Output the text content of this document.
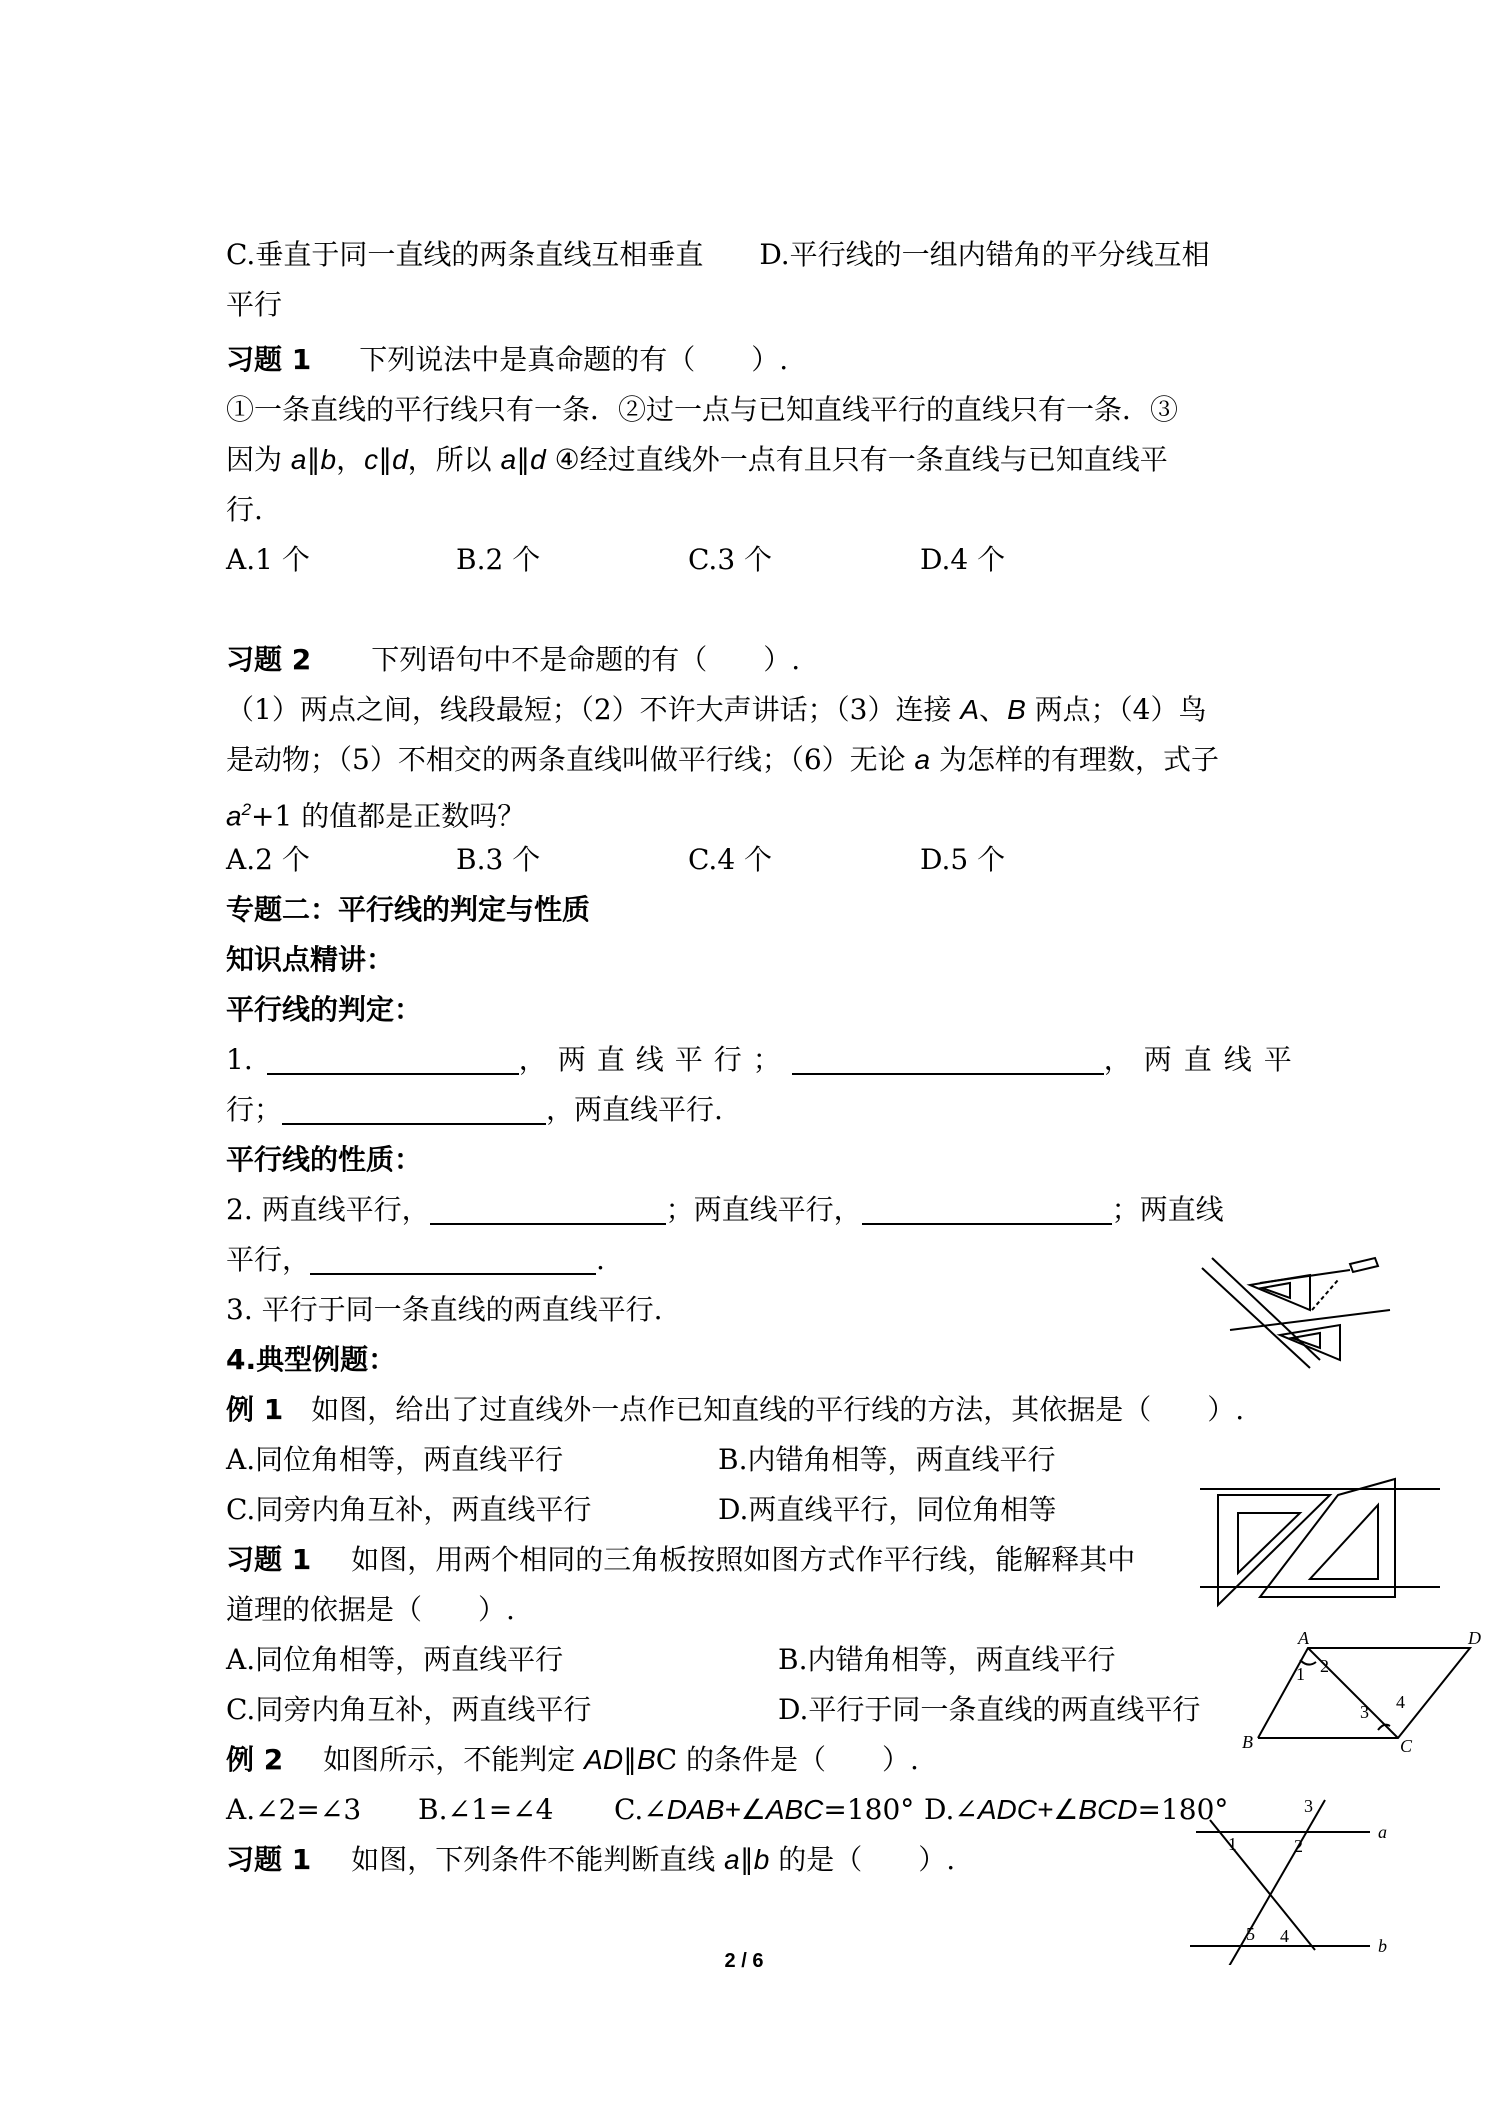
C.垂直于同一直线的两条直线互相垂直　　D.平行线的一组内错角的平分线互相
平行
习题 1 下列说法中是真命题的有（　　）.
①一条直线的平行线只有一条．②过一点与已知直线平行的直线只有一条．③
因为 a∥b，c∥d，所以 a∥d ④经过直线外一点有且只有一条直线与已知直线平
行.
A.1 个	B.2 个	C.3 个	D.4 个
习题 2 下列语句中不是命题的有（　　）.
（1）两点之间，线段最短；（2）不许大声讲话；（3）连接 A、B 两点；（4）鸟
是动物；（5）不相交的两条直线叫做平行线；（6）无论 a 为怎样的有理数，式子
$a^2+1$ 的值都是正数吗？
A.2 个	B.3 个	C.4 个	D.5 个
专题二：平行线的判定与性质
知识点精讲：
平行线的判定：
1.	，两直线平行；	，两直线平
行；	，两直线平行.
平行线的性质：
2. 两直线平行，	；两直线平行，	；两直线
平行，	.
3. 平行于同一条直线的两直线平行.
4.典型例题：
例 1 如图，给出了过直线外一点作已知直线的平行线的方法，其依据是（　　）.
A.同位角相等，两直线平行	B.内错角相等，两直线平行
C.同旁内角互补，两直线平行	D.两直线平行，同位角相等
习题 1 如图，用两个相同的三角板按照如图方式作平行线，能解释其中
道理的依据是（　　）.
A.同位角相等，两直线平行	B.内错角相等，两直线平行
C.同旁内角互补，两直线平行	D.平行于同一条直线的两直线平行
例 2 如图所示，不能判定 AD∥BC 的条件是（　　）.
A.∠2=∠3 B.∠1=∠4 C.∠DAB+∠ABC=180° D.∠ADC+∠BCD=180°
习题 1 如图，下列条件不能判断直线 a∥b 的是（　　）.
A
B	C
D
1 2
3 4
3
2
1
5 4
a
b
2 / 6
